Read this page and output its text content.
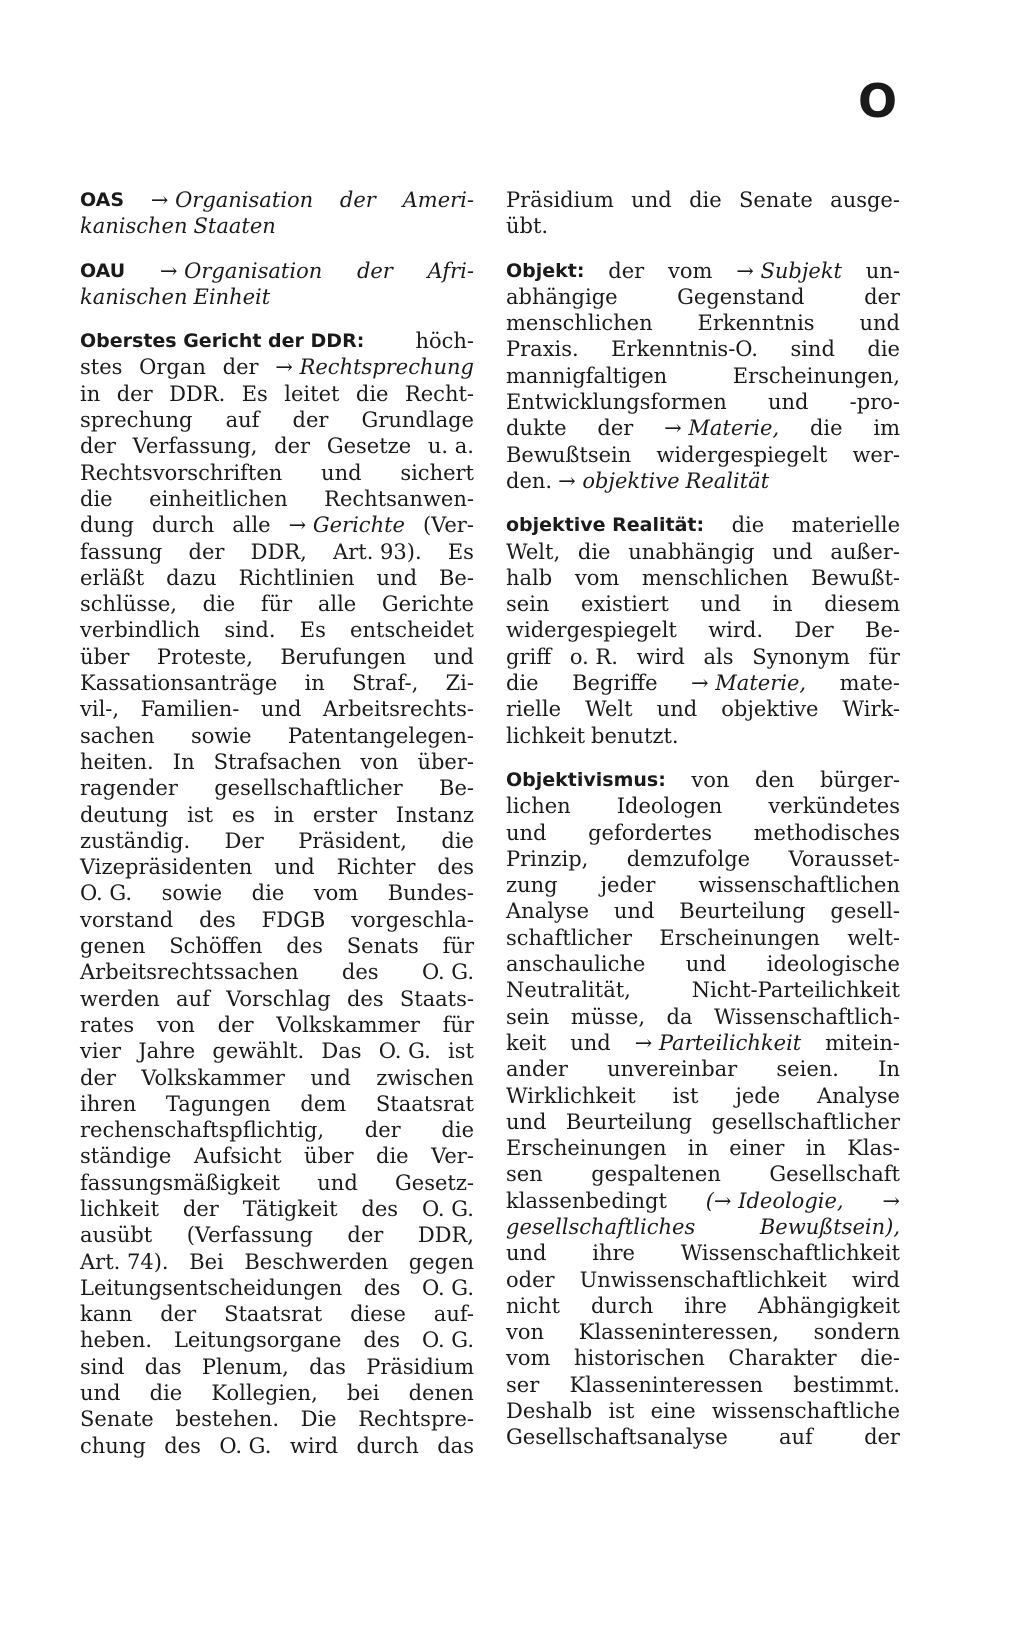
O
OAS → Organisation der Ameri-
kanischen Staaten
OAU → Organisation der Afri-
kanischen Einheit
Oberstes Gericht der DDR: höch-
stes Organ der → Rechtsprechung
in der DDR. Es leitet die Recht-
sprechung auf der Grundlage
der Verfassung, der Gesetze u. a.
Rechtsvorschriften und sichert
die einheitlichen Rechtsanwen-
dung durch alle → Gerichte (Ver-
fassung der DDR, Art. 93). Es
erläßt dazu Richtlinien und Be-
schlüsse, die für alle Gerichte
verbindlich sind. Es entscheidet
über Proteste, Berufungen und
Kassationsanträge in Straf-, Zi-
vil-, Familien- und Arbeitsrechts-
sachen sowie Patentangelegen-
heiten. In Strafsachen von über-
ragender gesellschaftlicher Be-
deutung ist es in erster Instanz
zuständig. Der Präsident, die
Vizepräsidenten und Richter des
O. G. sowie die vom Bundes-
vorstand des FDGB vorgeschla-
genen Schöffen des Senats für
Arbeitsrechtssachen des O. G.
werden auf Vorschlag des Staats-
rates von der Volkskammer für
vier Jahre gewählt. Das O. G. ist
der Volkskammer und zwischen
ihren Tagungen dem Staatsrat
rechenschaftspflichtig, der die
ständige Aufsicht über die Ver-
fassungsmäßigkeit und Gesetz-
lichkeit der Tätigkeit des O. G.
ausübt (Verfassung der DDR,
Art. 74). Bei Beschwerden gegen
Leitungsentscheidungen des O. G.
kann der Staatsrat diese auf-
heben. Leitungsorgane des O. G.
sind das Plenum, das Präsidium
und die Kollegien, bei denen
Senate bestehen. Die Rechtspre-
chung des O. G. wird durch das
Präsidium und die Senate ausge-
übt.
Objekt: der vom → Subjekt un-
abhängige	Gegenstand	der
menschlichen Erkenntnis und
Praxis. Erkenntnis-O. sind die
mannigfaltigen	Erscheinungen,
Entwicklungsformen und -pro-
dukte der → Materie, die im
Bewußtsein widergespiegelt wer-
den. → objektive Realität
objektive Realität: die materielle
Welt, die unabhängig und außer-
halb vom menschlichen Bewußt-
sein existiert und in diesem
widergespiegelt wird. Der Be-
griff o. R. wird als Synonym für
die Begriffe → Materie, mate-
rielle Welt und objektive Wirk-
lichkeit benutzt.
Objektivismus: von den bürger-
lichen Ideologen verkündetes
und gefordertes methodisches
Prinzip, demzufolge Vorausset-
zung jeder wissenschaftlichen
Analyse und Beurteilung gesell-
schaftlicher Erscheinungen welt-
anschauliche und ideologische
Neutralität,	Nicht-Parteilichkeit
sein müsse, da Wissenschaftlich-
keit und → Parteilichkeit mitein-
ander unvereinbar seien. In
Wirklichkeit ist jede Analyse
und Beurteilung gesellschaftlicher
Erscheinungen in einer in Klas-
sen gespaltenen Gesellschaft
klassenbedingt (→ Ideologie, →
gesellschaftliches	Bewußtsein),
und ihre Wissenschaftlichkeit
oder Unwissenschaftlichkeit wird
nicht durch ihre Abhängigkeit
von Klasseninteressen, sondern
vom historischen Charakter die-
ser Klasseninteressen bestimmt.
Deshalb ist eine wissenschaftliche
Gesellschaftsanalyse auf der
